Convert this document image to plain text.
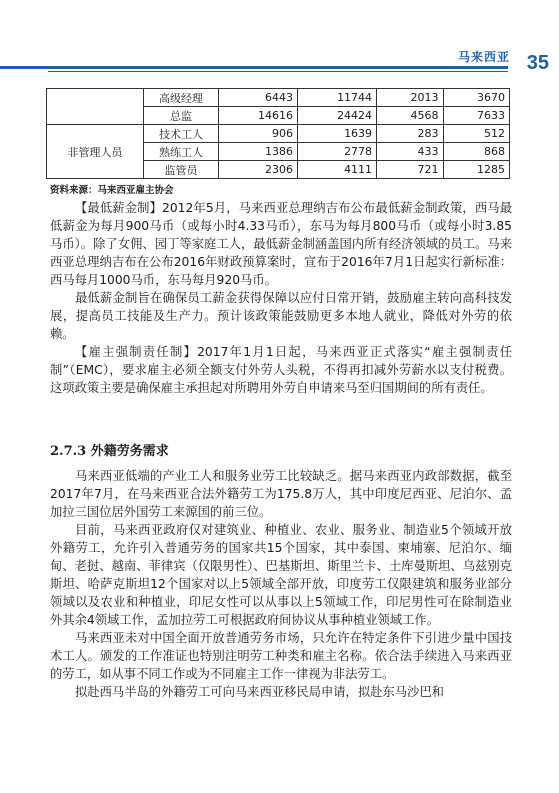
马来西亚 35
	高级经理	6443	11744	2013	3670
	总监	14616	24424	4568	7633
非管理人员	技术工人	906	1639	283	512
	熟练工人	1386	2778	433	868
	监管员	2306	4111	721	1285
资料来源：马来西亚雇主协会

【最低薪金制】2012年5月，马来西亚总理纳吉布公布最低薪金制政策，西马最低薪金为每月900马币（或每小时4.33马币），东马为每月800马币（或每小时3.85马币）。除了女佣、园丁等家庭工人，最低薪金制涵盖国内所有经济领域的员工。马来西亚总理纳吉布在公布2016年财政预算案时，宣布于2016年7月1日起实行新标准：西马每月1000马币，东马每月920马币。

最低薪金制旨在确保员工薪金获得保障以应付日常开销，鼓励雇主转向高科技发展，提高员工技能及生产力。预计该政策能鼓励更多本地人就业，降低对外劳的依赖。

【雇主强制责任制】2017年1月1日起，马来西亚正式落实“雇主强制责任制”（EMC），要求雇主必须全额支付外劳人头税，不得再扣减外劳薪水以支付税费。这项政策主要是确保雇主承担起对所聘用外劳自申请来马至归国期间的所有责任。

2.7.3 外籍劳务需求

马来西亚低端的产业工人和服务业劳工比较缺乏。据马来西亚内政部数据，截至2017年7月，在马来西亚合法外籍劳工为175.8万人，其中印度尼西亚、尼泊尔、孟加拉三国位居外国劳工来源国的前三位。

目前，马来西亚政府仅对建筑业、种植业、农业、服务业、制造业5个领域开放外籍劳工，允许引入普通劳务的国家共15个国家，其中泰国、柬埔寨、尼泊尔、缅甸、老挝、越南、菲律宾（仅限男性）、巴基斯坦、斯里兰卡、土库曼斯坦、乌兹别克斯坦、哈萨克斯坦12个国家对以上5领域全部开放，印度劳工仅限建筑和服务业部分领域以及农业和种植业，印尼女性可以从事以上5领域工作，印尼男性可在除制造业外其余4领域工作，孟加拉劳工可根据政府间协议从事种植业领域工作。

马来西亚未对中国全面开放普通劳务市场，只允许在特定条件下引进少量中国技术工人。颁发的工作准证也特别注明劳工种类和雇主名称。依合法手续进入马来西亚的劳工，如从事不同工作或为不同雇主工作一律视为非法劳工。

拟赴西马半岛的外籍劳工可向马来西亚移民局申请，拟赴东马沙巴和
